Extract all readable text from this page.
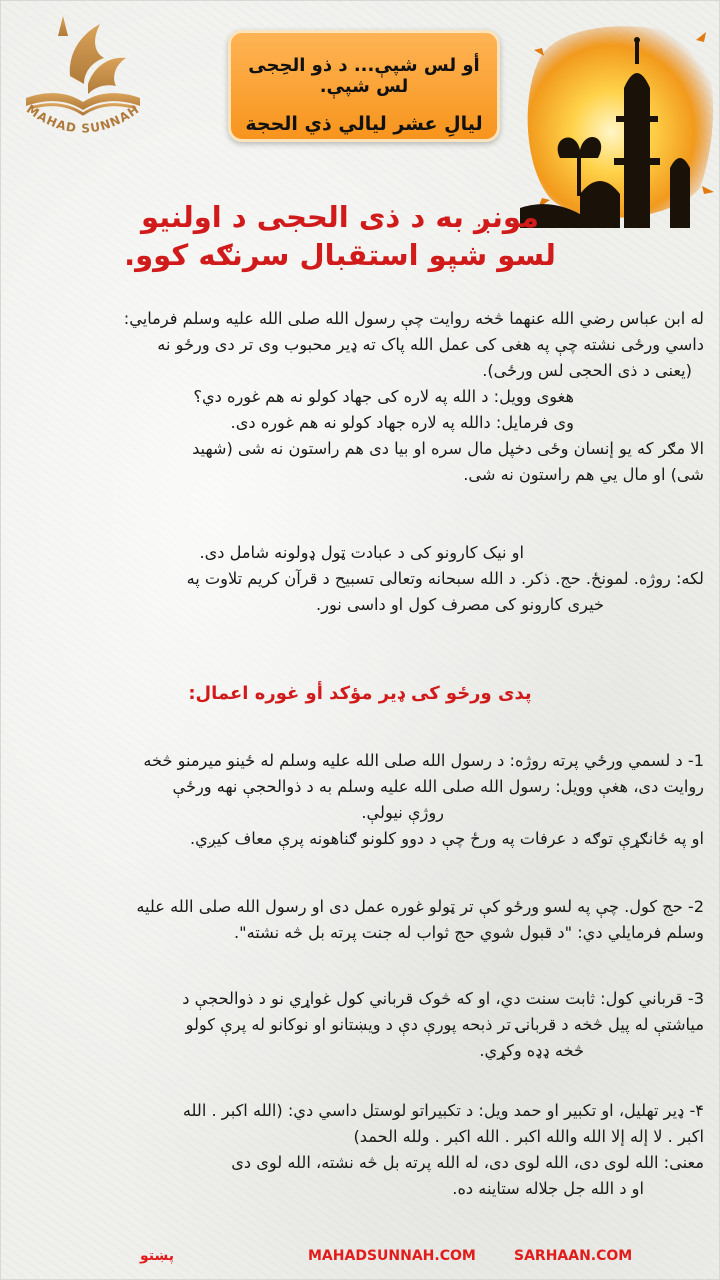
MAHAD SUNNAH
أو لس شپې... د ذو الحِجی لس شپې.
لیالِ عشر لیالي ذي الحجة
مونږ به د ذی الحجی د اولنیو
لسو شپو استقبال سرنګه کوو.

له ابن عباس رضي الله عنهما څخه روایت چې رسول الله صلی الله علیه وسلم فرمایي:

داسي ورځی نشته چې په هغی کی عمل الله پاک ته ډیر محبوب وی تر دی ورځو نه

(یعنی د ذی الحجی لس ورځی).

هغوی وویل: د الله په لاره کی جهاد کولو نه هم غوره دي؟

وی فرمایل: دالله په لاره جهاد کولو نه هم غوره دی.

الا مګر که یو إنسان وځی دخپل مال سره او بیا دی هم راستون نه شی (شهید

شی) او مال یي هم راستون نه شی.

او نیک کارونو کی د عبادت ټول ډولونه شامل دی.

لکه: روژه. لمونځ. حج. ذکر. د الله سبحانه وتعالی تسبیح د قرآن کریم تلاوت په

خیری کارونو کی مصرف کول او داسی نور.

پدی ورځو کی ډیر مؤکد أو غوره اعمال:

1- د لسمي ورځي پرته روژه: د رسول الله صلی الله علیه وسلم له ځینو میرمنو څخه

روایت دی، هغې وویل: رسول الله صلی الله علیه وسلم به د ذوالحجې نهه ورځې

روژې نیولې.

او په ځانګړې توګه د عرفات په ورځ چې د دوو کلونو ګناهونه پرې معاف کیږي.

2- حج کول. چې په لسو ورځو کې تر ټولو غوره عمل دی او رسول الله صلی الله علیه

وسلم فرمایلي دي: "د قبول شوي حج ثواب له جنت پرته بل څه نشته".

3- قرباني کول: ثابت سنت دي، او که څوک قرباني کول غواړي نو د ذوالحجې د

میاشتې له پیل څخه د قربانۍ تر ذبحه پورې دې د ویښتانو او نوکانو له پرې کولو

څخه ډډه وکړي.

۴- ډیر تهلیل، او تکبیر او حمد ویل: د تکبیراتو لوستل داسي دي: (الله اکبر . الله

اکبر . لا إله إلا الله والله اکبر . الله اکبر . ولله الحمد)

معنی: الله لوی دی، الله لوی دی، له الله پرته بل څه نشته، الله لوی دی

او د الله جل جلاله ستاینه ده.

پښتو	MAHADSUNNAH.COM	SARHAAN.COM
